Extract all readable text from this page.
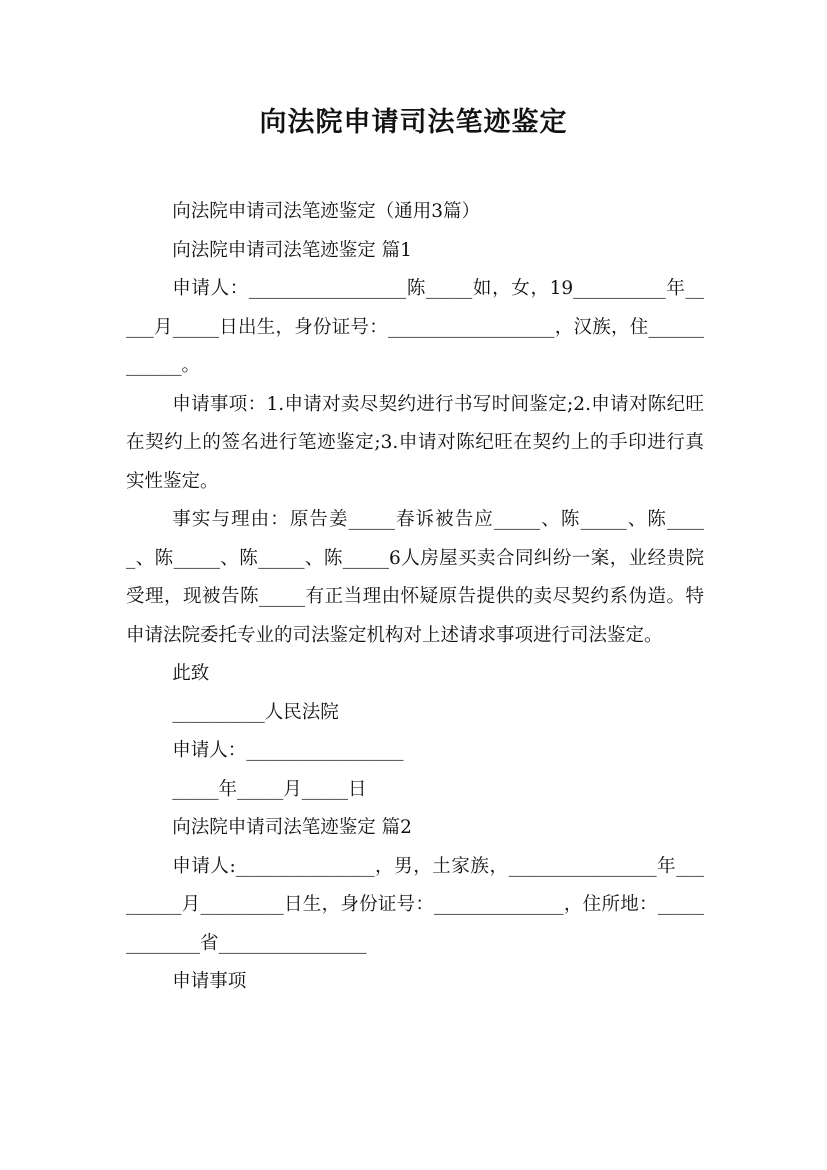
向法院申请司法笔迹鉴定

向法院申请司法笔迹鉴定（通用3篇）

向法院申请司法笔迹鉴定 篇1

申请人：_________________陈_____如，女，19__________年_____月_____日出生，身份证号：__________________，汉族，住____________。

申请事项：1.申请对卖尽契约进行书写时间鉴定;2.申请对陈纪旺在契约上的签名进行笔迹鉴定;3.申请对陈纪旺在契约上的手印进行真实性鉴定。

事实与理由：原告姜_____春诉被告应_____、陈_____、陈_____、陈_____、陈_____、陈_____6人房屋买卖合同纠纷一案，业经贵院受理，现被告陈_____有正当理由怀疑原告提供的卖尽契约系伪造。特申请法院委托专业的司法鉴定机构对上述请求事项进行司法鉴定。

此致

__________人民法院

申请人：_________________

_____年_____月_____日

向法院申请司法笔迹鉴定 篇2

申请人:_______________，男，土家族，________________年_________月_________日生，身份证号：______________，住所地：_____________省________________

申请事项
